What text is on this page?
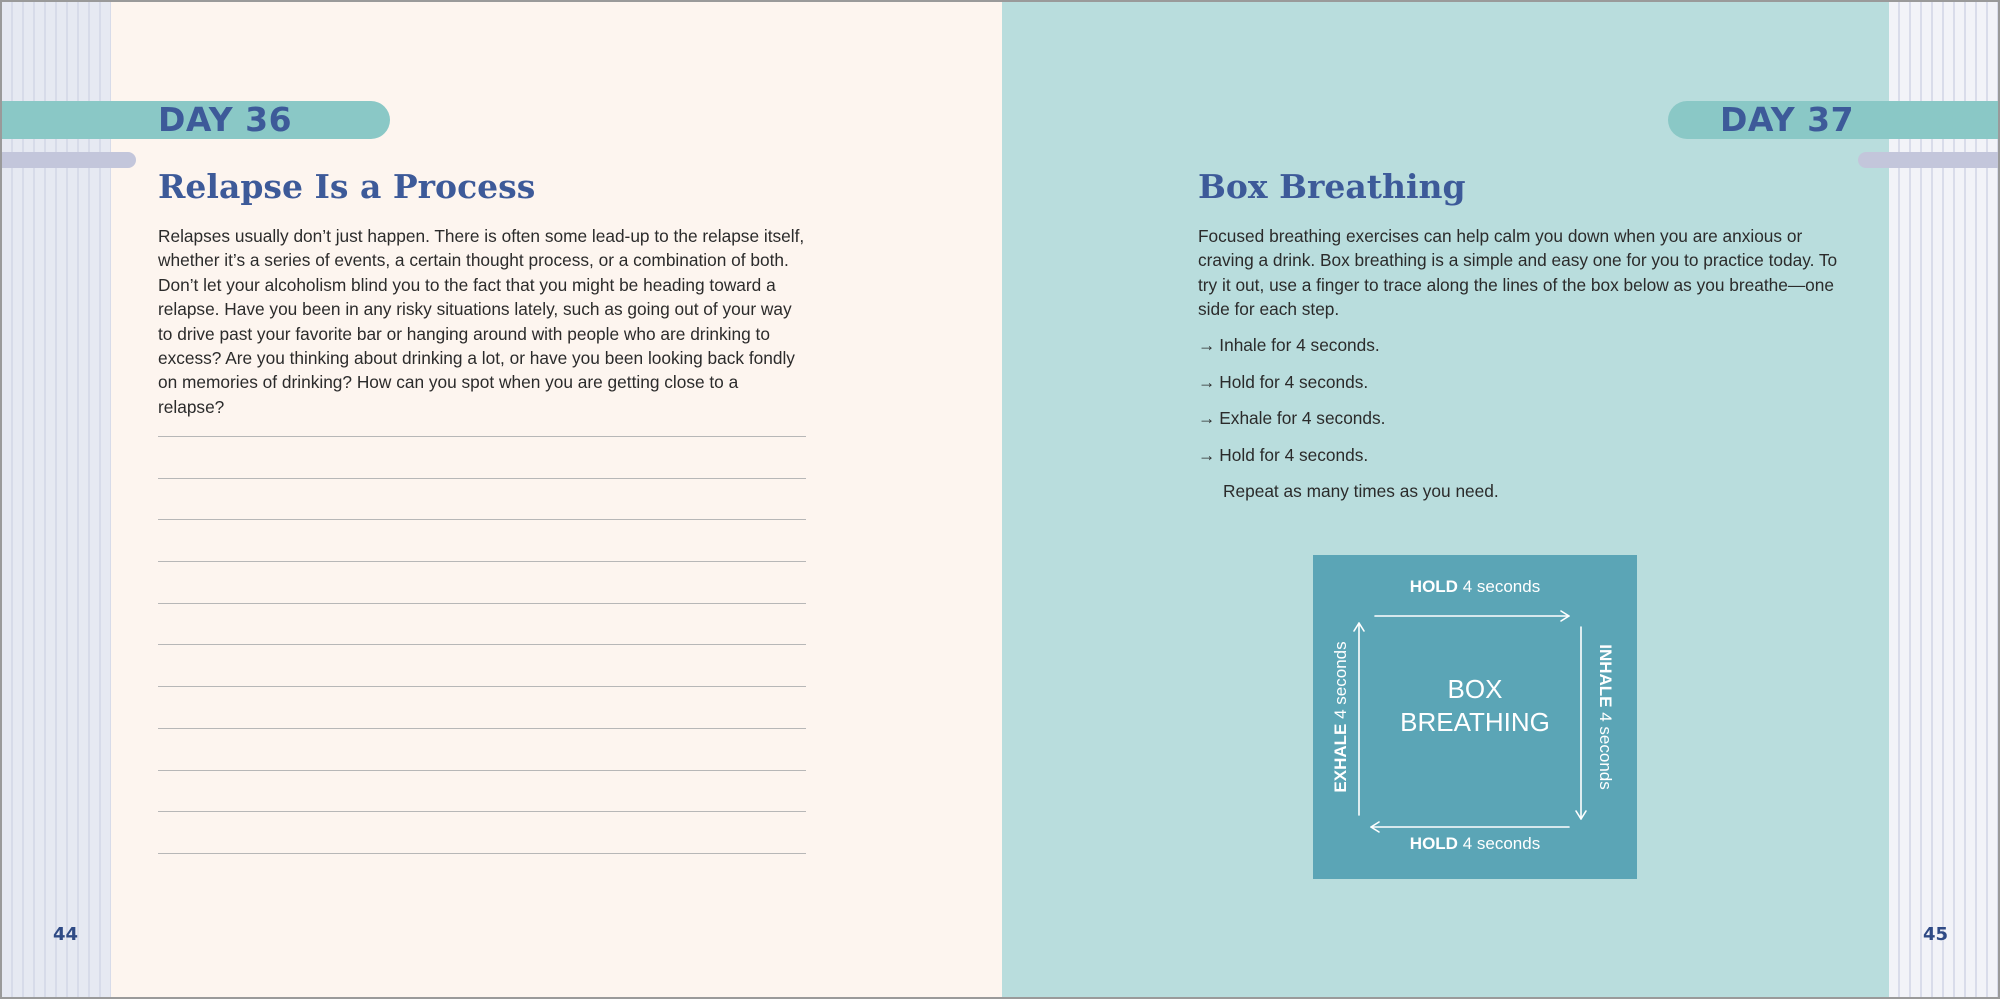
DAY 36
Relapse Is a Process

Relapses usually don’t just happen. There is often some lead-up to the relapse itself, whether it’s a series of events, a certain thought process, or a combination of both. Don’t let your alcoholism blind you to the fact that you might be heading toward a relapse. Have you been in any risky situations lately, such as going out of your way to drive past your favorite bar or hanging around with people who are drinking to excess? Are you thinking about drinking a lot, or have you been looking back fondly on memories of drinking? How can you spot when you are getting close to a relapse?

44
DAY 37
Box Breathing

Focused breathing exercises can help calm you down when you are anxious or craving a drink. Box breathing is a simple and easy one for you to practice today. To try it out, use a finger to trace along the lines of the box below as you breathe—one side for each step.

→ Inhale for 4 seconds.
→ Hold for 4 seconds.
→ Exhale for 4 seconds.
→ Hold for 4 seconds.
Repeat as many times as you need.
HOLD 4 seconds
HOLD 4 seconds
EXHALE 4 seconds	INHALE 4 seconds
BOX
BREATHING
45
